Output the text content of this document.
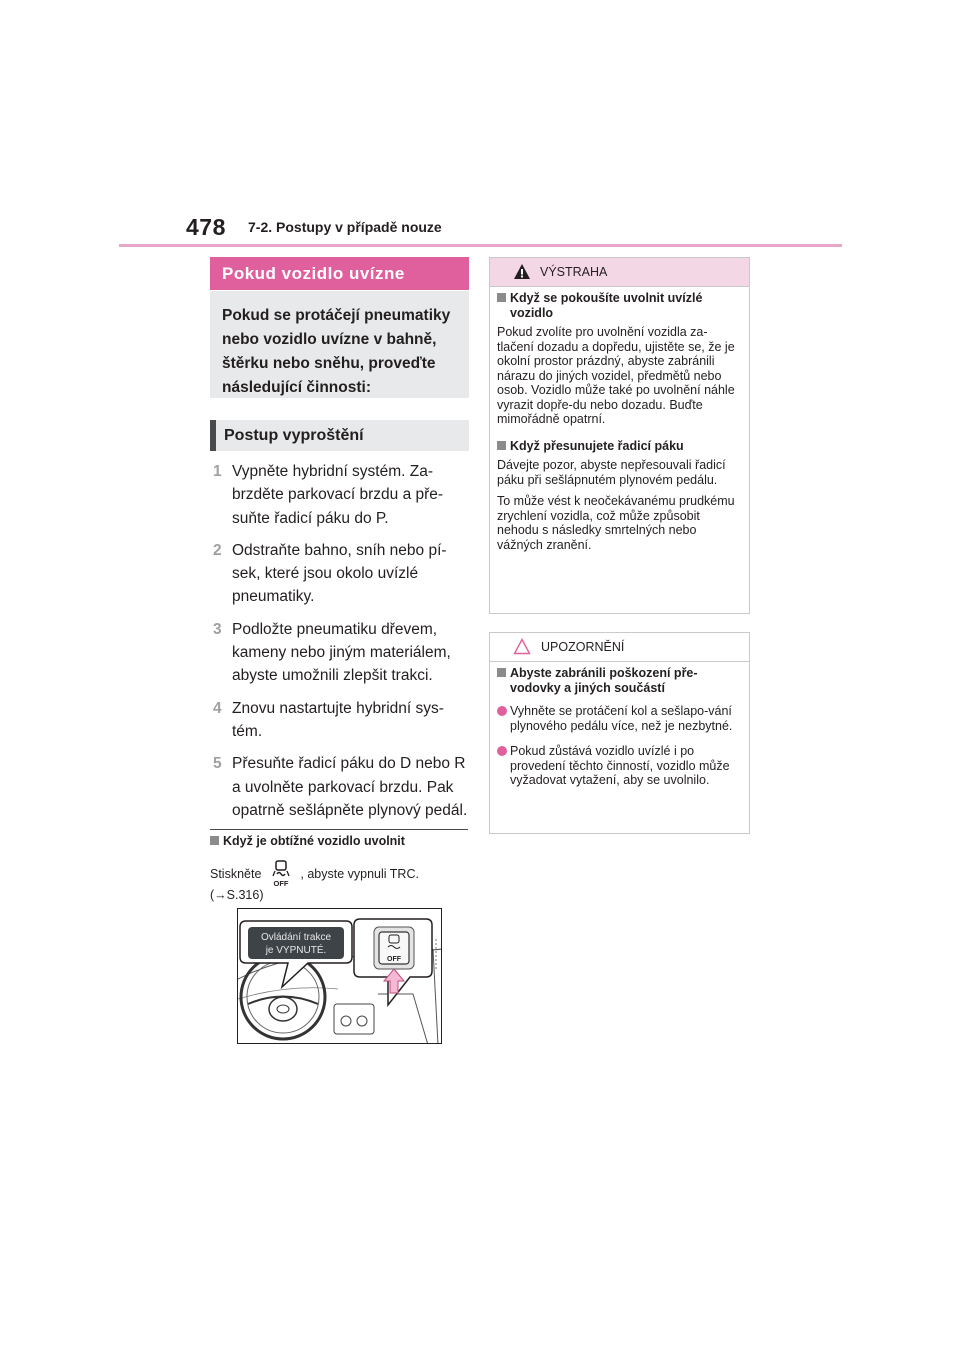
478 7-2. Postupy v případě nouze
Pokud vozidlo uvízne
Pokud se protáčejí pneumatiky nebo vozidlo uvízne v bahně, štěrku nebo sněhu, proveďte následující činnosti:
Postup vyproštění
1 Vypněte hybridní systém. Za-brzděte parkovací brzdu a pře-suňte řadicí páku do P.
2 Odstraňte bahno, sníh nebo pí-sek, které jsou okolo uvízlé pneumatiky.
3 Podložte pneumatiku dřevem, kameny nebo jiným materiálem, abyste umožnili zlepšit trakci.
4 Znovu nastartujte hybridní sys-tém.
5 Přesuňte řadicí páku do D nebo R a uvolněte parkovací brzdu. Pak opatrně sešlápněte plynový pedál.
Když je obtížné vozidlo uvolnit
Stiskněte
OFF
, abyste vypnuli TRC.
(→S.316)
Ovládání trakce
je VYPNUTÉ.
OFF
VÝSTRAHA
Když se pokoušíte uvolnit uvízlé vozidlo

Pokud zvolíte pro uvolnění vozidla za-tlačení dozadu a dopředu, ujistěte se, že je okolní prostor prázdný, abyste zabránili nárazu do jiných vozidel, předmětů nebo osob. Vozidlo může také po uvolnění náhle vyrazit dopře-du nebo dozadu. Buďte mimořádně opatrní.

Když přesunujete řadicí páku

Dávejte pozor, abyste nepřesouvali řadicí páku při sešlápnutém plynovém pedálu.

To může vést k neočekávanému prudkému zrychlení vozidla, což může způsobit nehodu s následky smrtelných nebo vážných zranění.

UPOZORNĚNÍ
Abyste zabránili poškození pře-vodovky a jiných součástí
Vyhněte se protáčení kol a sešlapo-vání plynového pedálu více, než je nezbytné.
Pokud zůstává vozidlo uvízlé i po provedení těchto činností, vozidlo může vyžadovat vytažení, aby se uvolnilo.
